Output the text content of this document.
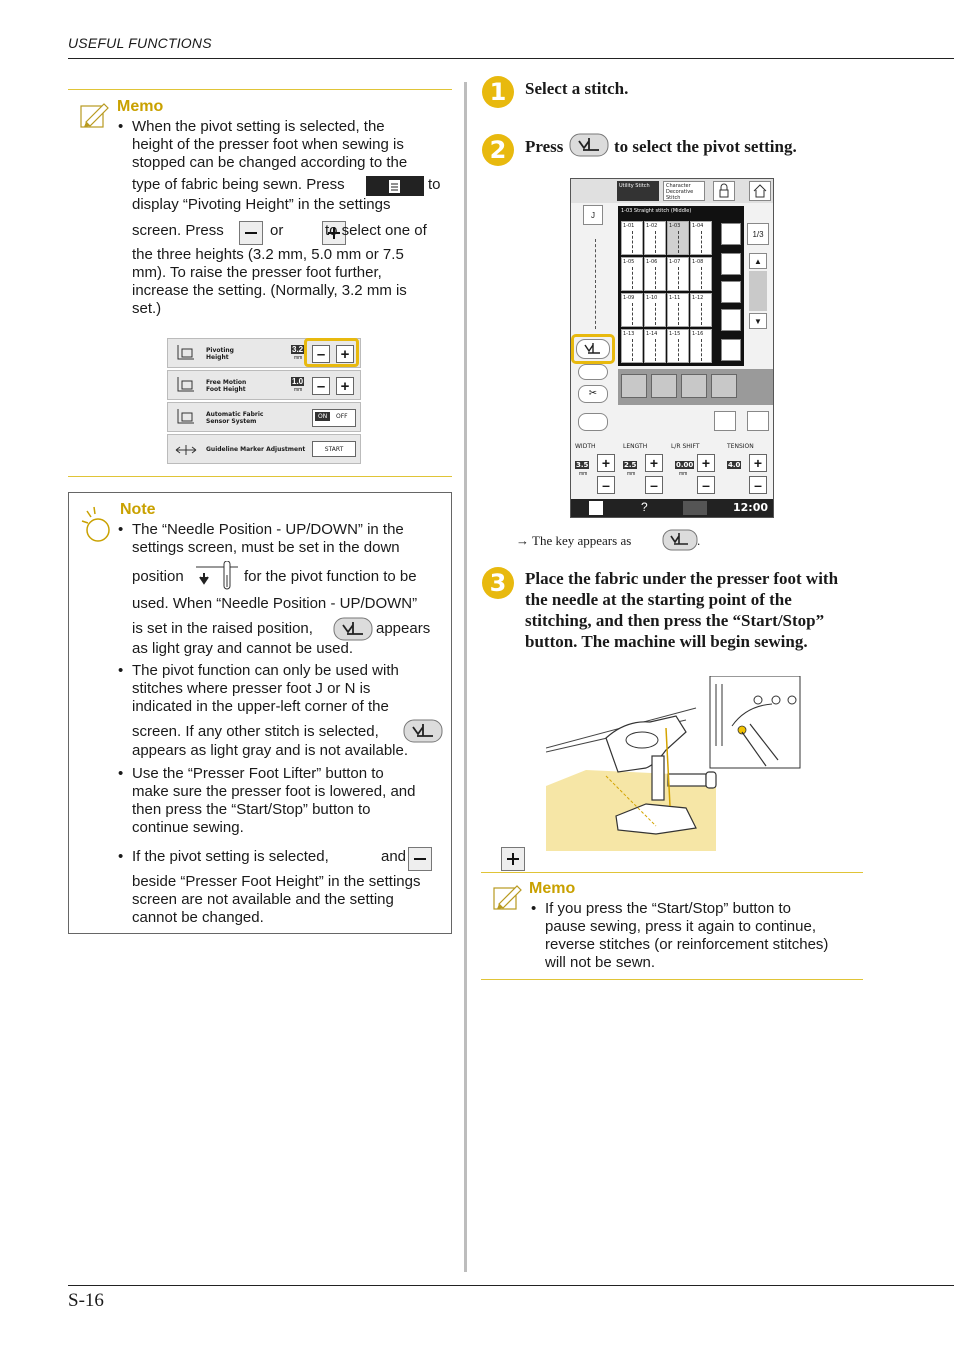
USEFUL FUNCTIONS
Memo
• When the pivot setting is selected, the
height of the presser foot when sewing is
stopped can be changed according to the
type of fabric being sewn. Press	to
display “Pivoting Height” in the settings
screen. Press
	or
	to select one of
the three heights (3.2 mm, 5.0 mm or 7.5
mm). To raise the presser foot further,
increase the setting. (Normally, 3.2 mm is
set.)
Pivoting
Height
3.2
mm –	+
Free Motion
Foot Height
1.0
mm –	+
Automatic Fabric
Sensor System
ON	OFF
Guideline Marker Adjustment	START
Note
• The “Needle Position - UP/DOWN” in the
settings screen, must be set in the down
position	for the pivot function to be
used. When “Needle Position - UP/DOWN”
is set in the raised position,	appears
as light gray and cannot be used.
• The pivot function can only be used with
stitches where presser foot J or N is
indicated in the upper-left corner of the
screen. If any other stitch is selected,
appears as light gray and is not available.
• Use the “Presser Foot Lifter” button to
make sure the presser foot is lowered, and
then press the “Start/Stop” button to
continue sewing.
• If the pivot setting is selected,
	and
beside “Presser Foot Height” in the settings
screen are not available and the setting
cannot be changed.
1	Select a stitch.
2	Press	to select the pivot setting.
Utility Stitch	Character Decorative Stitch
J	1-03 Straight stitch (Middle)
1/3
▲
▼
✂
WIDTH	LENGTH	L/R SHIFT	TENSION
?	12:00
1-01 1-02 1-03 1-04
1-05 1-06 1-07 1-08
1-09 1-10 1-11 1-12
1-13 1-14 1-15 1-16
3.5
mm
+
–
2.5
mm
+
–
0.00
mm
+
–
4.0 +
–
→ The key appears as	.
3	Place the fabric under the presser foot with
the needle at the starting point of the
stitching, and then press the “Start/Stop”
button. The machine will begin sewing.
Memo
• If you press the “Start/Stop” button to
pause sewing, press it again to continue,
reverse stitches (or reinforcement stitches)
will not be sewn.
S-16
